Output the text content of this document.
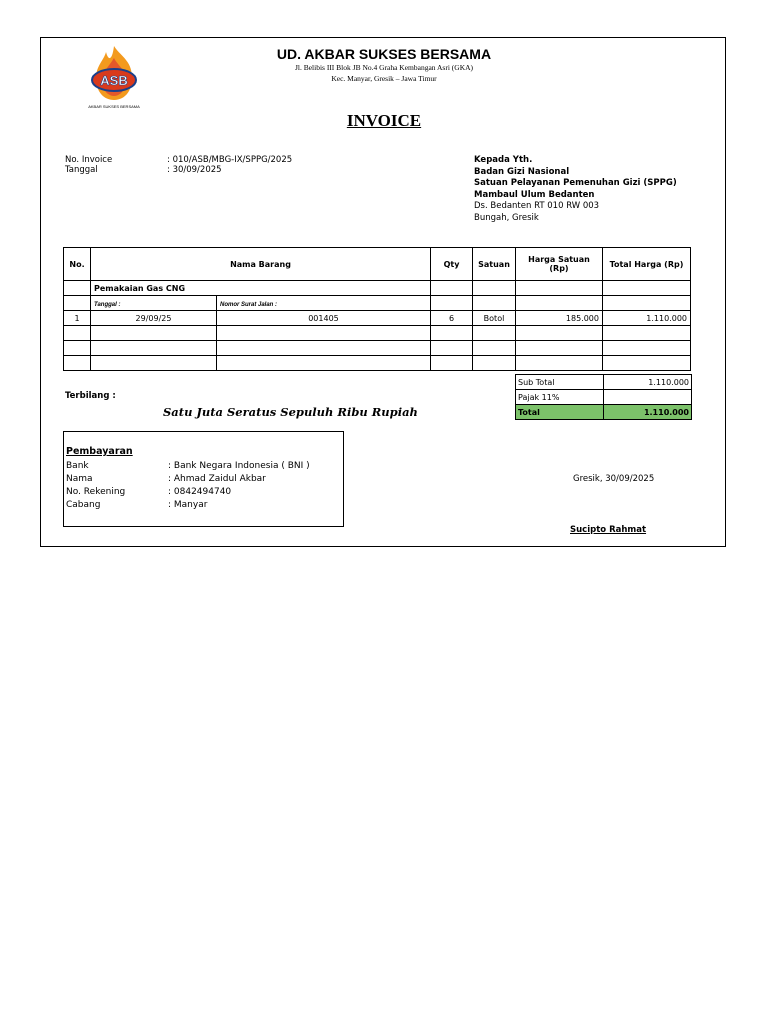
ASB
AKBAR SUKSES BERSAMA
UD. AKBAR SUKSES BERSAMA
Jl. Belibis III Blok JB No.4 Graha Kembangan Asri (GKA)
Kec. Manyar, Gresik – Jawa Timur
INVOICE
No. Invoice	: 010/ASB/MBG-IX/SPPG/2025
Tanggal	: 30/09/2025
Kepada Yth.
Badan Gizi Nasional
Satuan Pelayanan Pemenuhan Gizi (SPPG)
Mambaul Ulum Bedanten
Ds. Bedanten RT 010 RW 003
Bungah, Gresik
No.	Nama Barang		Qty	Satuan	Harga Satuan (Rp)	Total Harga (Rp)
	Pemakaian Gas CNG					
	Tanggal :	Nomor Surat Jalan :				
1	29/09/25	001405	6	Botol	185.000	1.110.000

Sub Total	1.110.000
Pajak 11%	
Total	1.110.000
Terbilang :
Satu Juta Seratus Sepuluh Ribu Rupiah
Pembayaran
Bank	: Bank Negara Indonesia ( BNI )
Nama	: Ahmad Zaidul Akbar
No. Rekening	: 0842494740
Cabang	: Manyar
Gresik, 30/09/2025
Sucipto Rahmat
